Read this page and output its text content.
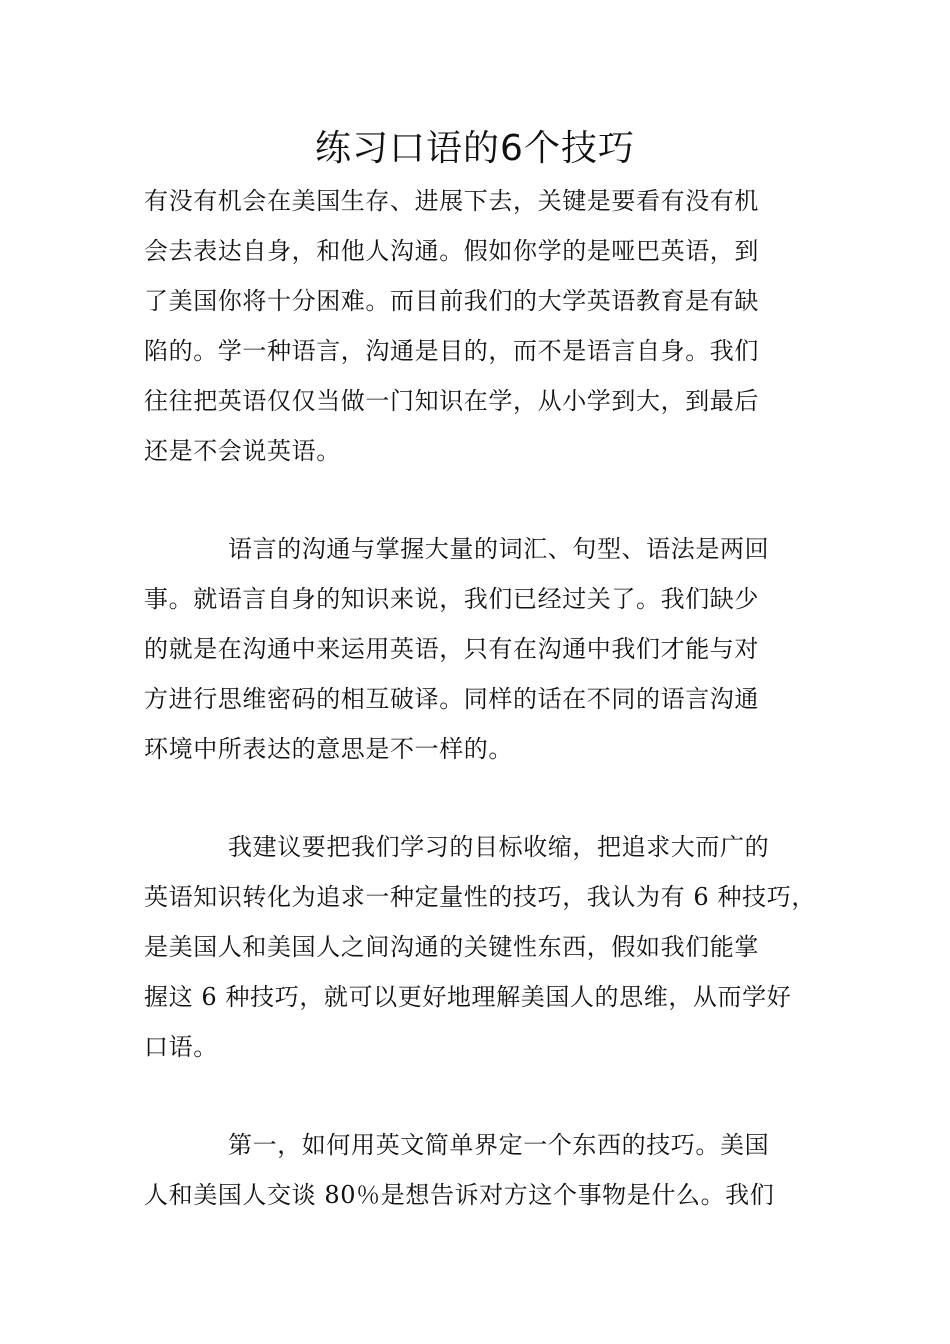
练习口语的6个技巧
有没有机会在美国生存、进展下去，关键是要看有没有机
会去表达自身，和他人沟通。假如你学的是哑巴英语，到
了美国你将十分困难。而目前我们的大学英语教育是有缺
陷的。学一种语言，沟通是目的，而不是语言自身。我们
往往把英语仅仅当做一门知识在学，从小学到大，到最后
还是不会说英语。
语言的沟通与掌握大量的词汇、句型、语法是两回
事。就语言自身的知识来说，我们已经过关了。我们缺少
的就是在沟通中来运用英语，只有在沟通中我们才能与对
方进行思维密码的相互破译。同样的话在不同的语言沟通
环境中所表达的意思是不一样的。
我建议要把我们学习的目标收缩，把追求大而广的
英语知识转化为追求一种定量性的技巧，我认为有 6 种技巧，
是美国人和美国人之间沟通的关键性东西，假如我们能掌
握这 6 种技巧，就可以更好地理解美国人的思维，从而学好
口语。
第一，如何用英文简单界定一个东西的技巧。美国
人和美国人交谈 80％是想告诉对方这个事物是什么。我们
